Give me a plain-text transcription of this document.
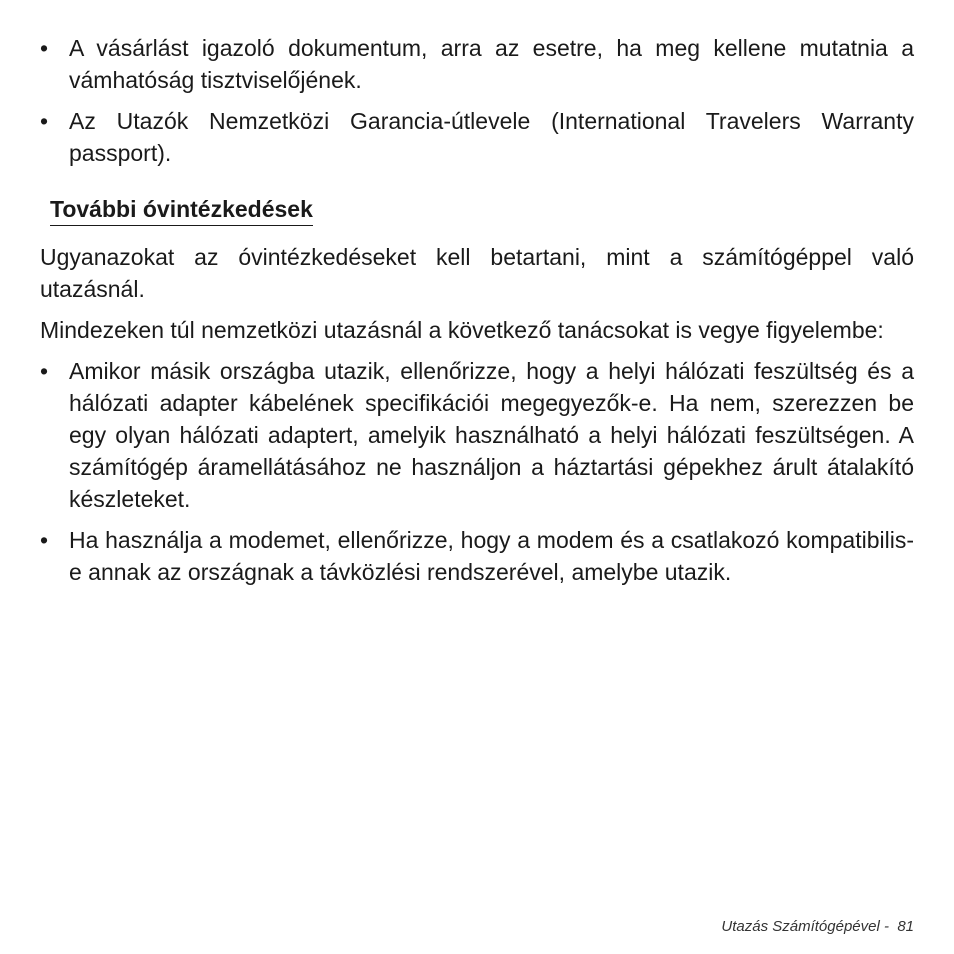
• A vásárlást igazoló dokumentum, arra az esetre, ha meg kellene mutatnia a vámhatóság tisztviselőjének.
• Az Utazók Nemzetközi Garancia-útlevele (International Travelers Warranty passport).
További óvintézkedések

Ugyanazokat az óvintézkedéseket kell betartani, mint a számítógéppel való utazásnál.

Mindezeken túl nemzetközi utazásnál a következő tanácsokat is vegye figyelembe:

• Amikor másik országba utazik, ellenőrizze, hogy a helyi hálózati feszültség és a hálózati adapter kábelének specifikációi megegyezők-e. Ha nem, szerezzen be egy olyan hálózati adaptert, amelyik használható a helyi hálózati feszültségen. A számítógép áramellátásához ne használjon a háztartási gépekhez árult átalakító készleteket.
• Ha használja a modemet, ellenőrizze, hogy a modem és a csatlakozó kompatibilis-e annak az országnak a távközlési rendszerével, amelybe utazik.
Utazás Számítógépével - 81
